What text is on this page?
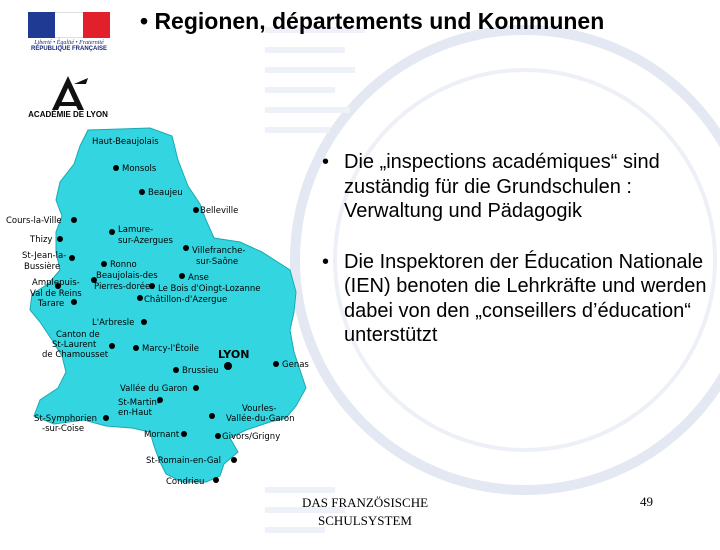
• Regionen, départements und Kommunen
Liberté • Égalité • Fraternité
RÉPUBLIQUE FRANÇAISE
ACADÉMIE DE LYON
Haut-Beaujolais
Monsols
Beaujeu
Belleville
Cours-la-Ville
Lamure-
sur-Azergues
Thizy
Villefranche-
sur-Saône
St-Jean-la-
Bussière	Ronno
Anse
Beaujolais-des
Pierres-dorées Le Bois d'Oingt-Lozanne
Amplepuis-
Val de Reins
Châtillon-d'Azergue
Tarare
L'Arbresle
Canton de
St-Laurent
de Chamousset
Marcy-l'Étoile LYON
Genas
Brussieu
Vallée du Garon
St-Martin-
en-Haut	Vourles-
Vallée-du-Garon
St-Symphorien
-sur-Coise
Mornant	Givors/Grigny
St-Romain-en-Gal
Condrieu
• Die „inspections académiques“ sind zuständig für die Grundschulen : Verwaltung und Pädagogik
• Die Inspektoren der Éducation Nationale (IEN) benoten die Lehrkräfte und werden dabei von den „conseillers d’éducation“ unterstützt
DAS FRANZÖSISCHE SCHULSYSTEM
49
